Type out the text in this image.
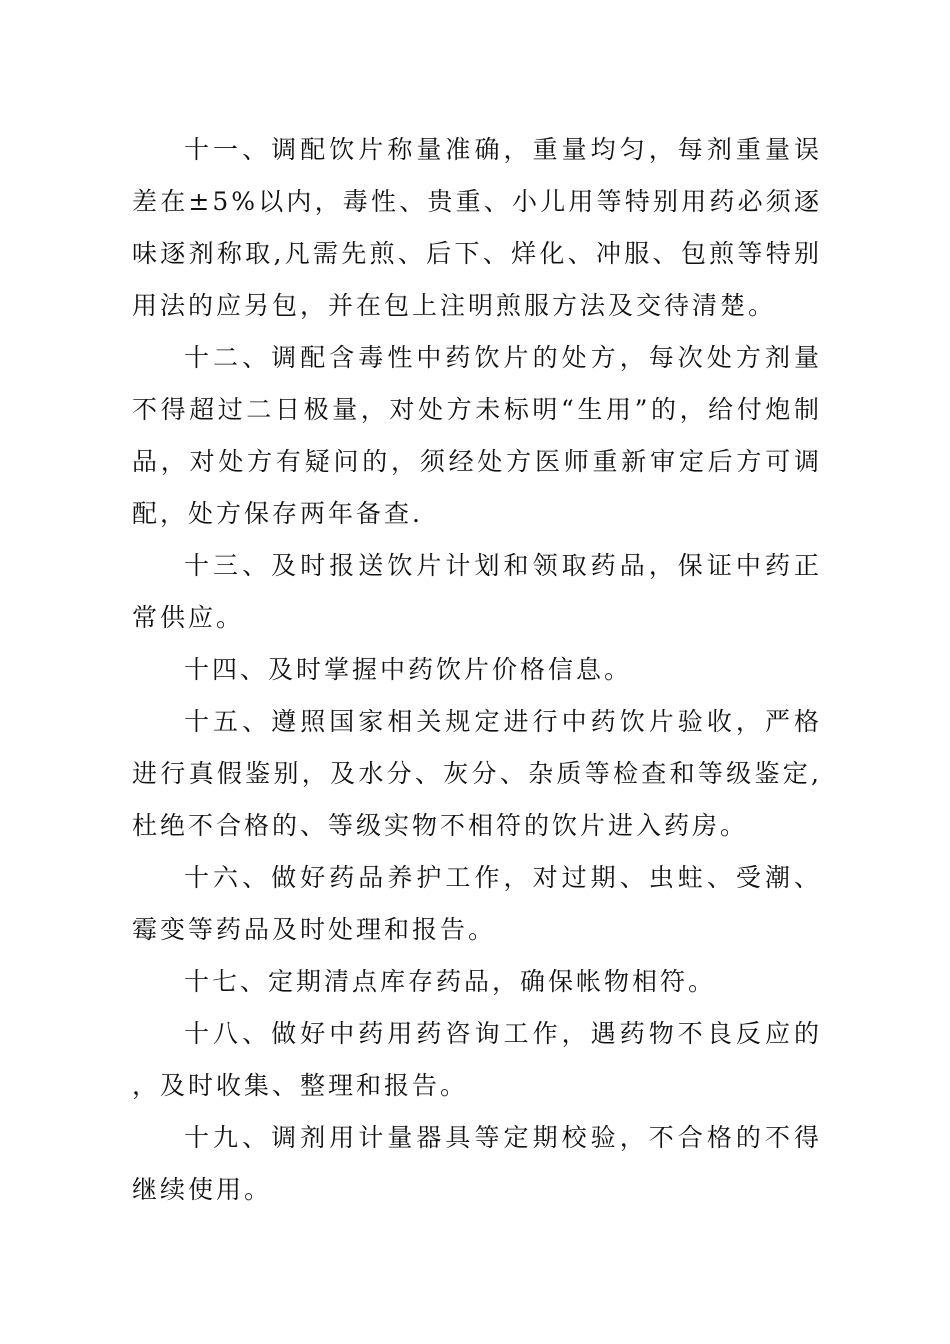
十一、调配饮片称量准确，重量均匀，每剂重量误差在±5%以内，毒性、贵重、小儿用等特别用药必须逐味逐剂称取,凡需先煎、后下、烊化、冲服、包煎等特别用法的应另包，并在包上注明煎服方法及交待清楚。

十二、调配含毒性中药饮片的处方，每次处方剂量不得超过二日极量，对处方未标明“生用”的，给付炮制品，对处方有疑问的，须经处方医师重新审定后方可调配，处方保存两年备查.

十三、及时报送饮片计划和领取药品，保证中药正常供应。

十四、及时掌握中药饮片价格信息。

十五、遵照国家相关规定进行中药饮片验收，严格进行真假鉴别，及水分、灰分、杂质等检查和等级鉴定,杜绝不合格的、等级实物不相符的饮片进入药房。

十六、做好药品养护工作，对过期、虫蛀、受潮、霉变等药品及时处理和报告。

十七、定期清点库存药品，确保帐物相符。

十八、做好中药用药咨询工作，遇药物不良反应的，及时收集、整理和报告。

十九、调剂用计量器具等定期校验，不合格的不得继续使用。
